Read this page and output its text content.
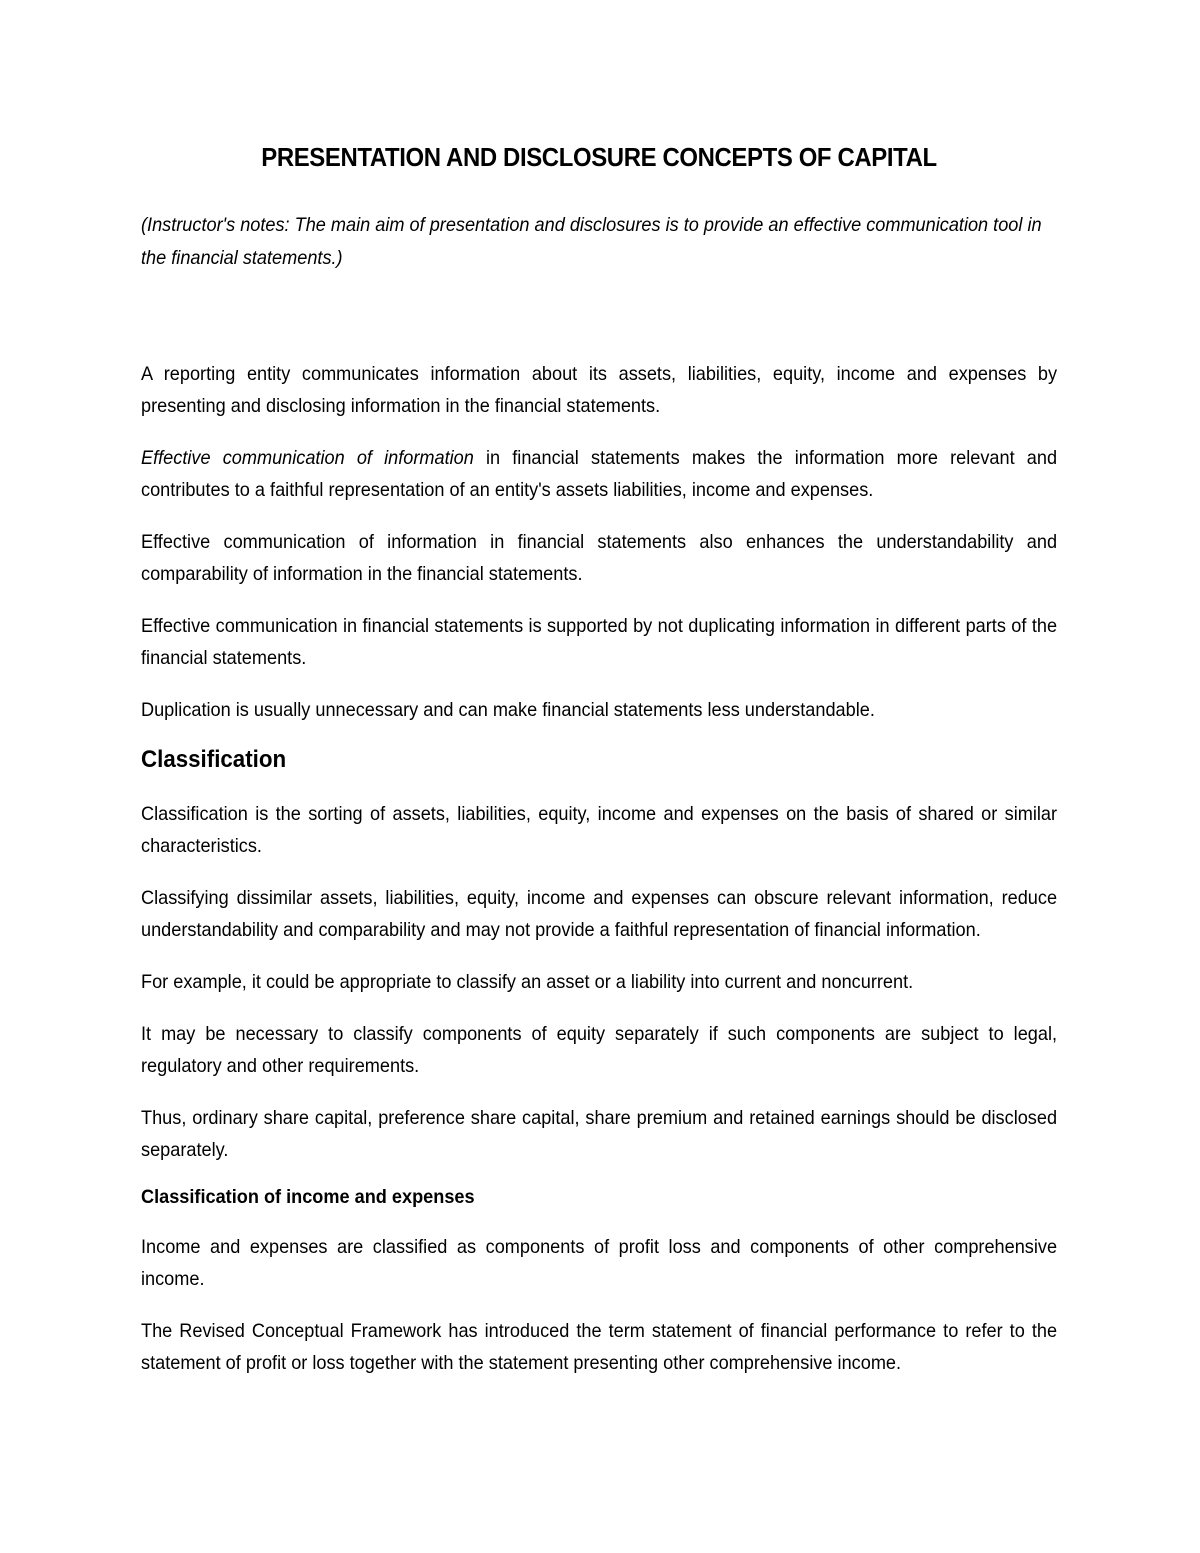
PRESENTATION AND DISCLOSURE CONCEPTS OF CAPITAL
(Instructor's notes: The main aim of presentation and disclosures is to provide an effective communication tool in the financial statements.)

A reporting entity communicates information about its assets, liabilities, equity, income and expenses by presenting and disclosing information in the financial statements.

Effective communication of information in financial statements makes the information more relevant and contributes to a faithful representation of an entity's assets liabilities, income and expenses.

Effective communication of information in financial statements also enhances the understandability and comparability of information in the financial statements.

Effective communication in financial statements is supported by not duplicating information in different parts of the financial statements.

Duplication is usually unnecessary and can make financial statements less understandable.

Classification

Classification is the sorting of assets, liabilities, equity, income and expenses on the basis of shared or similar characteristics.

Classifying dissimilar assets, liabilities, equity, income and expenses can obscure relevant information, reduce understandability and comparability and may not provide a faithful representation of financial information.

For example, it could be appropriate to classify an asset or a liability into current and noncurrent.

It may be necessary to classify components of equity separately if such components are subject to legal, regulatory and other requirements.

Thus, ordinary share capital, preference share capital, share premium and retained earnings should be disclosed separately.

Classification of income and expenses

Income and expenses are classified as components of profit loss and components of other comprehensive income.

The Revised Conceptual Framework has introduced the term statement of financial performance to refer to the statement of profit or loss together with the statement presenting other comprehensive income.
